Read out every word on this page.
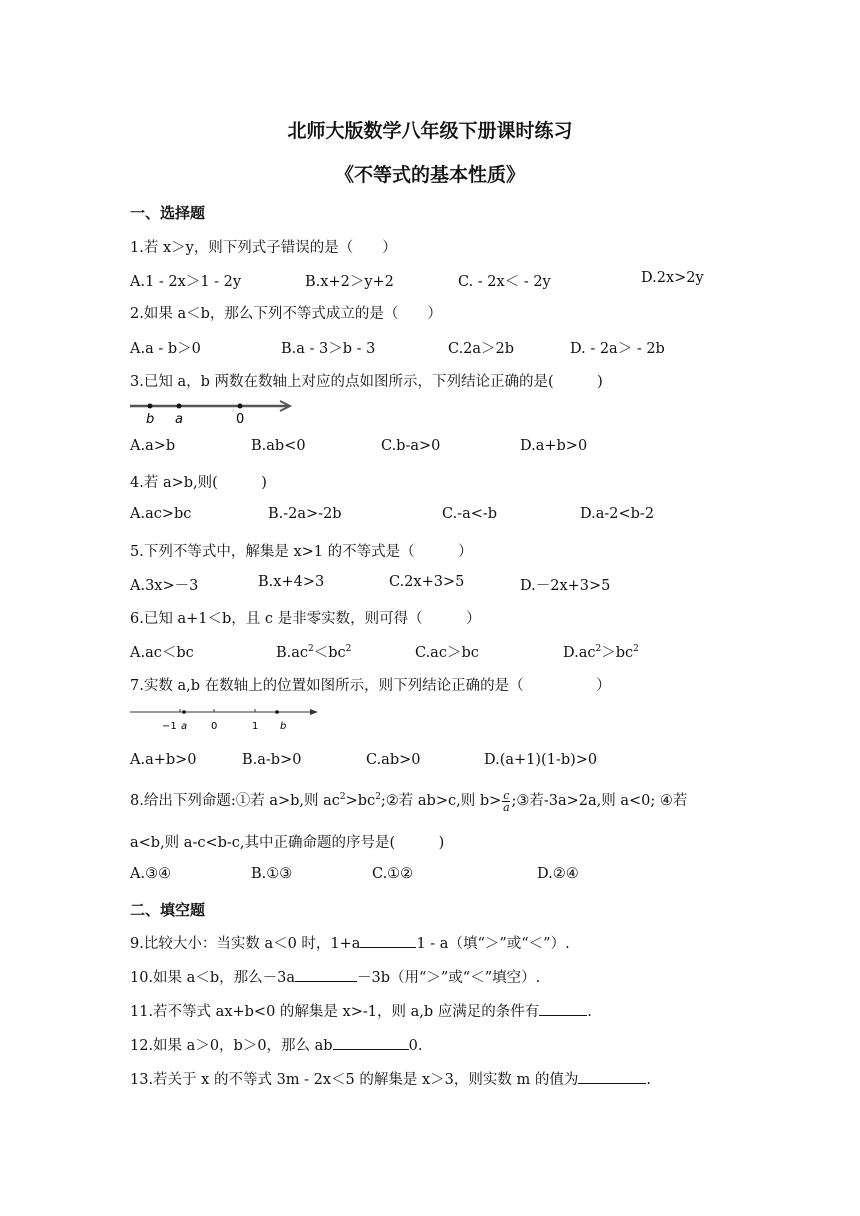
北师大版数学八年级下册课时练习
《不等式的基本性质》
一、选择题
1.若 x＞y，则下列式子错误的是（　　）
A.1 - 2x＞1 - 2y	B.x+2＞y+2	C. - 2x＜ - 2y	D.2x>2y
2.如果 a＜b，那么下列不等式成立的是（　　）
A.a - b＞0	B.a - 3＞b - 3	C.2a＞2b	D. - 2a＞ - 2b
3.已知 a，b 两数在数轴上对应的点如图所示，下列结论正确的是(　　　)
b a	0
A.a>b	B.ab<0	C.b-a>0	D.a+b>0
4.若 a>b,则(　　　)
A.ac>bc	B.-2a>-2b	C.-a<-b	D.a-2<b-2
5.下列不等式中，解集是 x>1 的不等式是（　　　）
A.3x>－3	B.x+4>3	C.2x+3>5	D.－2x+3>5
6.已知 a+1＜b，且 c 是非零实数，则可得（　　　）
A.ac＜bc	$B.ac^2<bc^2$	C.ac＞bc	$D.ac^2>bc^2$
7.实数 a,b 在数轴上的位置如图所示，则下列结论正确的是（　　　　　）
−1 a 0	1 b
A.a+b>0	B.a-b>0	C.ab>0	D.(a+1)(1-b)>0
8.给出下列命题:①若 a>b,则 $ac^2>bc^2;②$若 ab>c,则 $b> \frac{c}{a}$ ;③若-3a>2a,则 a<0; ④若
a<b,则 a-c<b-c,其中正确命题的序号是(　　　)
A.③④	B.①③	C.①②	D.②④
二、填空题
9.比较大小：当实数 a＜0 时，1+a	1 - a（填“＞”或“＜”）.
10.如果 a＜b，那么－3a	－3b（用“＞”或“＜”填空）.
11.若不等式 ax+b<0 的解集是 x>-1，则 a,b 应满足的条件有	.
12.如果 a＞0，b＞0，那么 ab	0.
13.若关于 x 的不等式 3m - 2x＜5 的解集是 x＞3，则实数 m 的值为	.
